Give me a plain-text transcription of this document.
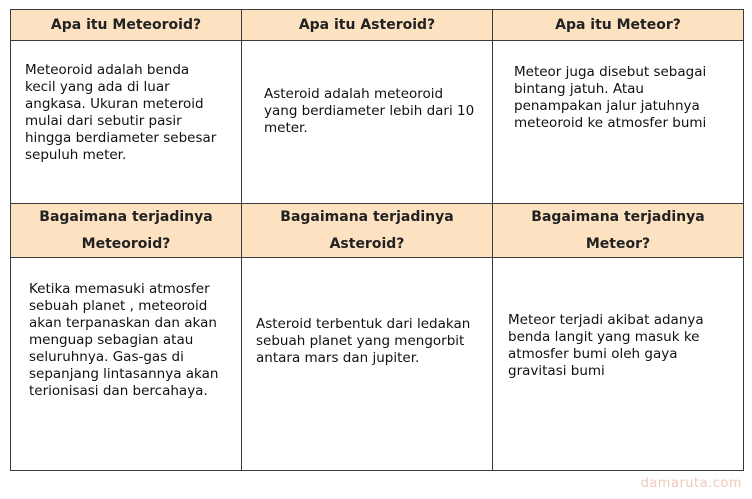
Apa itu Meteoroid?	Apa itu Asteroid?	Apa itu Meteor?
Meteoroid adalah benda kecil yang ada di luar angkasa. Ukuran meteroid mulai dari sebutir pasir hingga berdiameter sebesar sepuluh meter.
Asteroid adalah meteoroid yang berdiameter lebih dari 10 meter.
Meteor juga disebut sebagai bintang jatuh. Atau penampakan jalur jatuhnya meteoroid ke atmosfer bumi
Bagaimana terjadinya
Meteoroid?
Bagaimana terjadinya
Asteroid?
Bagaimana terjadinya
Meteor?
Ketika memasuki atmosfer sebuah planet , meteoroid akan terpanaskan dan akan menguap sebagian atau seluruhnya. Gas-gas di sepanjang lintasannya akan terionisasi dan bercahaya.
Asteroid terbentuk dari ledakan sebuah planet yang mengorbit antara mars dan jupiter.
Meteor terjadi akibat adanya benda langit yang masuk ke atmosfer bumi oleh gaya gravitasi bumi
damaruta.com
